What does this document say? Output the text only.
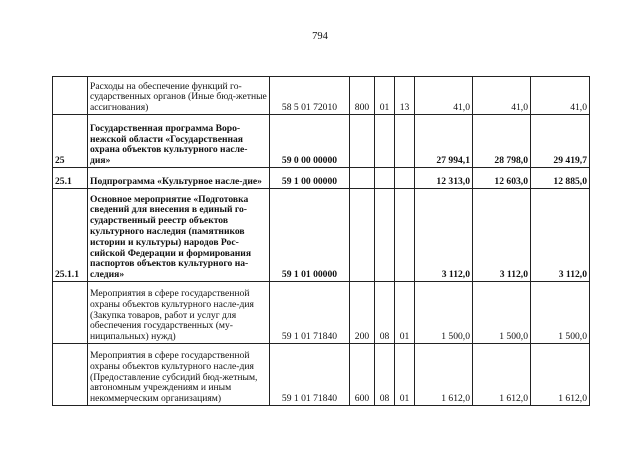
794
	Расходы на обеспечение функций го-сударственных органов (Иные бюд-жетные ассигнования)	58 5 01 72010	800	01	13	41,0	41,0	41,0
25	Государственная программа Воро-нежской области «Государственная охрана объектов культурного насле-дия»	59 0 00 00000				27 994,1	28 798,0	29 419,7
25.1	Подпрограмма «Культурное насле-дие»	59 1 00 00000				12 313,0	12 603,0	12 885,0
25.1.1	Основное мероприятие «Подготовка сведений для внесения в единый го-сударственный реестр объектов культурного наследия (памятников истории и культуры) народов Рос-сийской Федерации и формирования паспортов объектов культурного на-следия»	59 1 01 00000				3 112,0	3 112,0	3 112,0
	Мероприятия в сфере государственной охраны объектов культурного насле-дия (Закупка товаров, работ и услуг для обеспечения государственных (му-ниципальных) нужд)	59 1 01 71840	200	08	01	1 500,0	1 500,0	1 500,0
	Мероприятия в сфере государственной охраны объектов культурного насле-дия (Предоставление субсидий бюд-жетным, автономным учреждениям и иным некоммерческим организациям)	59 1 01 71840	600	08	01	1 612,0	1 612,0	1 612,0
